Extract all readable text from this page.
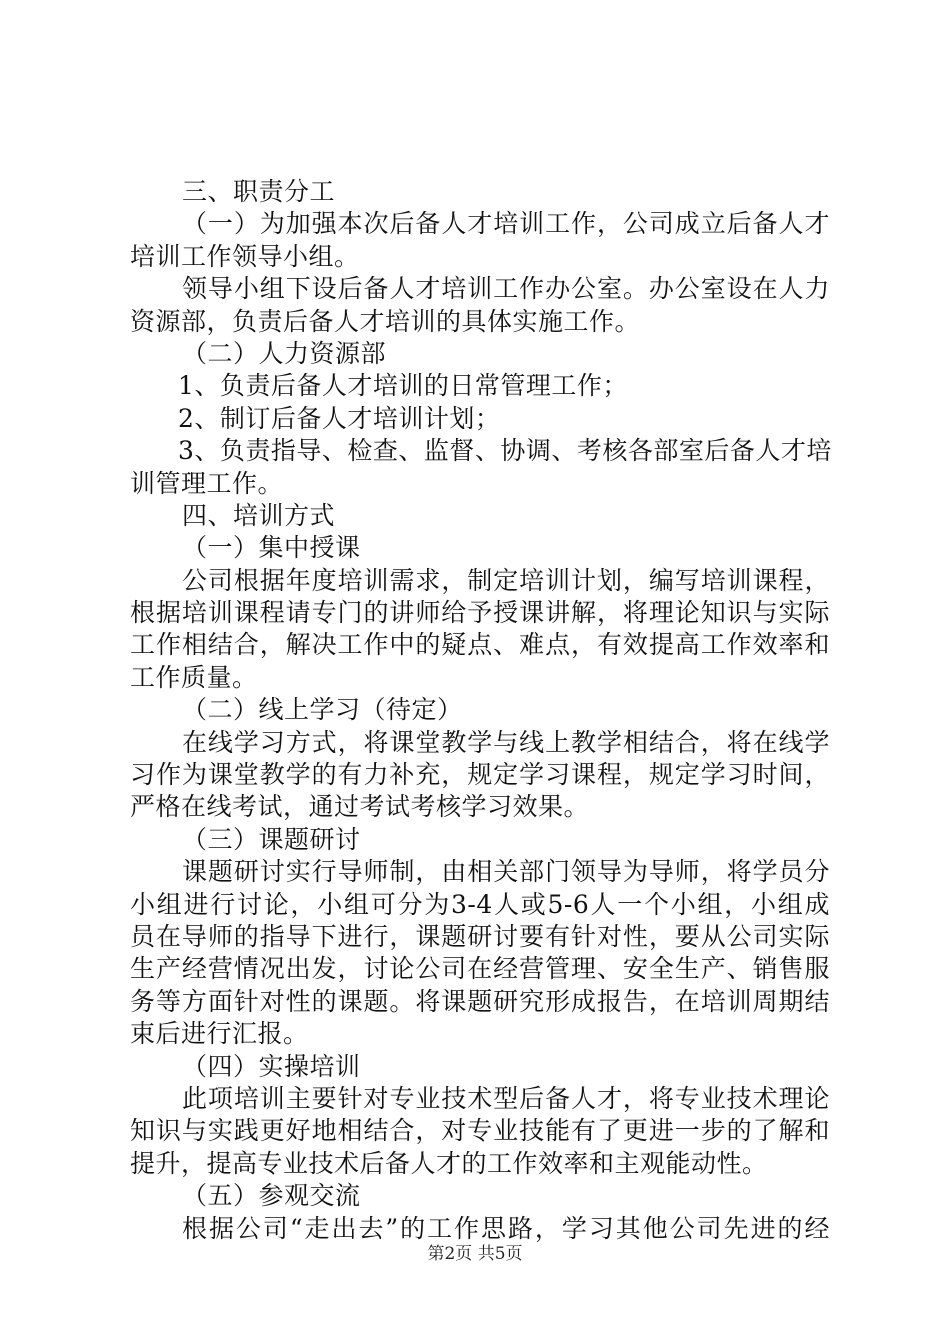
三、职责分工
（一）为加强本次后备人才培训工作，公司成立后备人才
培训工作领导小组。
领导小组下设后备人才培训工作办公室。办公室设在人力
资源部，负责后备人才培训的具体实施工作。
（二）人力资源部
1、负责后备人才培训的日常管理工作；
2、制订后备人才培训计划；
3、负责指导、检查、监督、协调、考核各部室后备人才培
训管理工作。
四、培训方式
（一）集中授课
公司根据年度培训需求，制定培训计划，编写培训课程，
根据培训课程请专门的讲师给予授课讲解，将理论知识与实际
工作相结合，解决工作中的疑点、难点，有效提高工作效率和
工作质量。
（二）线上学习（待定）
在线学习方式，将课堂教学与线上教学相结合，将在线学
习作为课堂教学的有力补充，规定学习课程，规定学习时间，
严格在线考试，通过考试考核学习效果。
（三）课题研讨
课题研讨实行导师制，由相关部门领导为导师，将学员分
小组进行讨论，小组可分为3-4人或5-6人一个小组，小组成
员在导师的指导下进行，课题研讨要有针对性，要从公司实际
生产经营情况出发，讨论公司在经营管理、安全生产、销售服
务等方面针对性的课题。将课题研究形成报告，在培训周期结
束后进行汇报。
（四）实操培训
此项培训主要针对专业技术型后备人才，将专业技术理论
知识与实践更好地相结合，对专业技能有了更进一步的了解和
提升，提高专业技术后备人才的工作效率和主观能动性。
（五）参观交流
根据公司“走出去”的工作思路，学习其他公司先进的经
第2页 共5页
